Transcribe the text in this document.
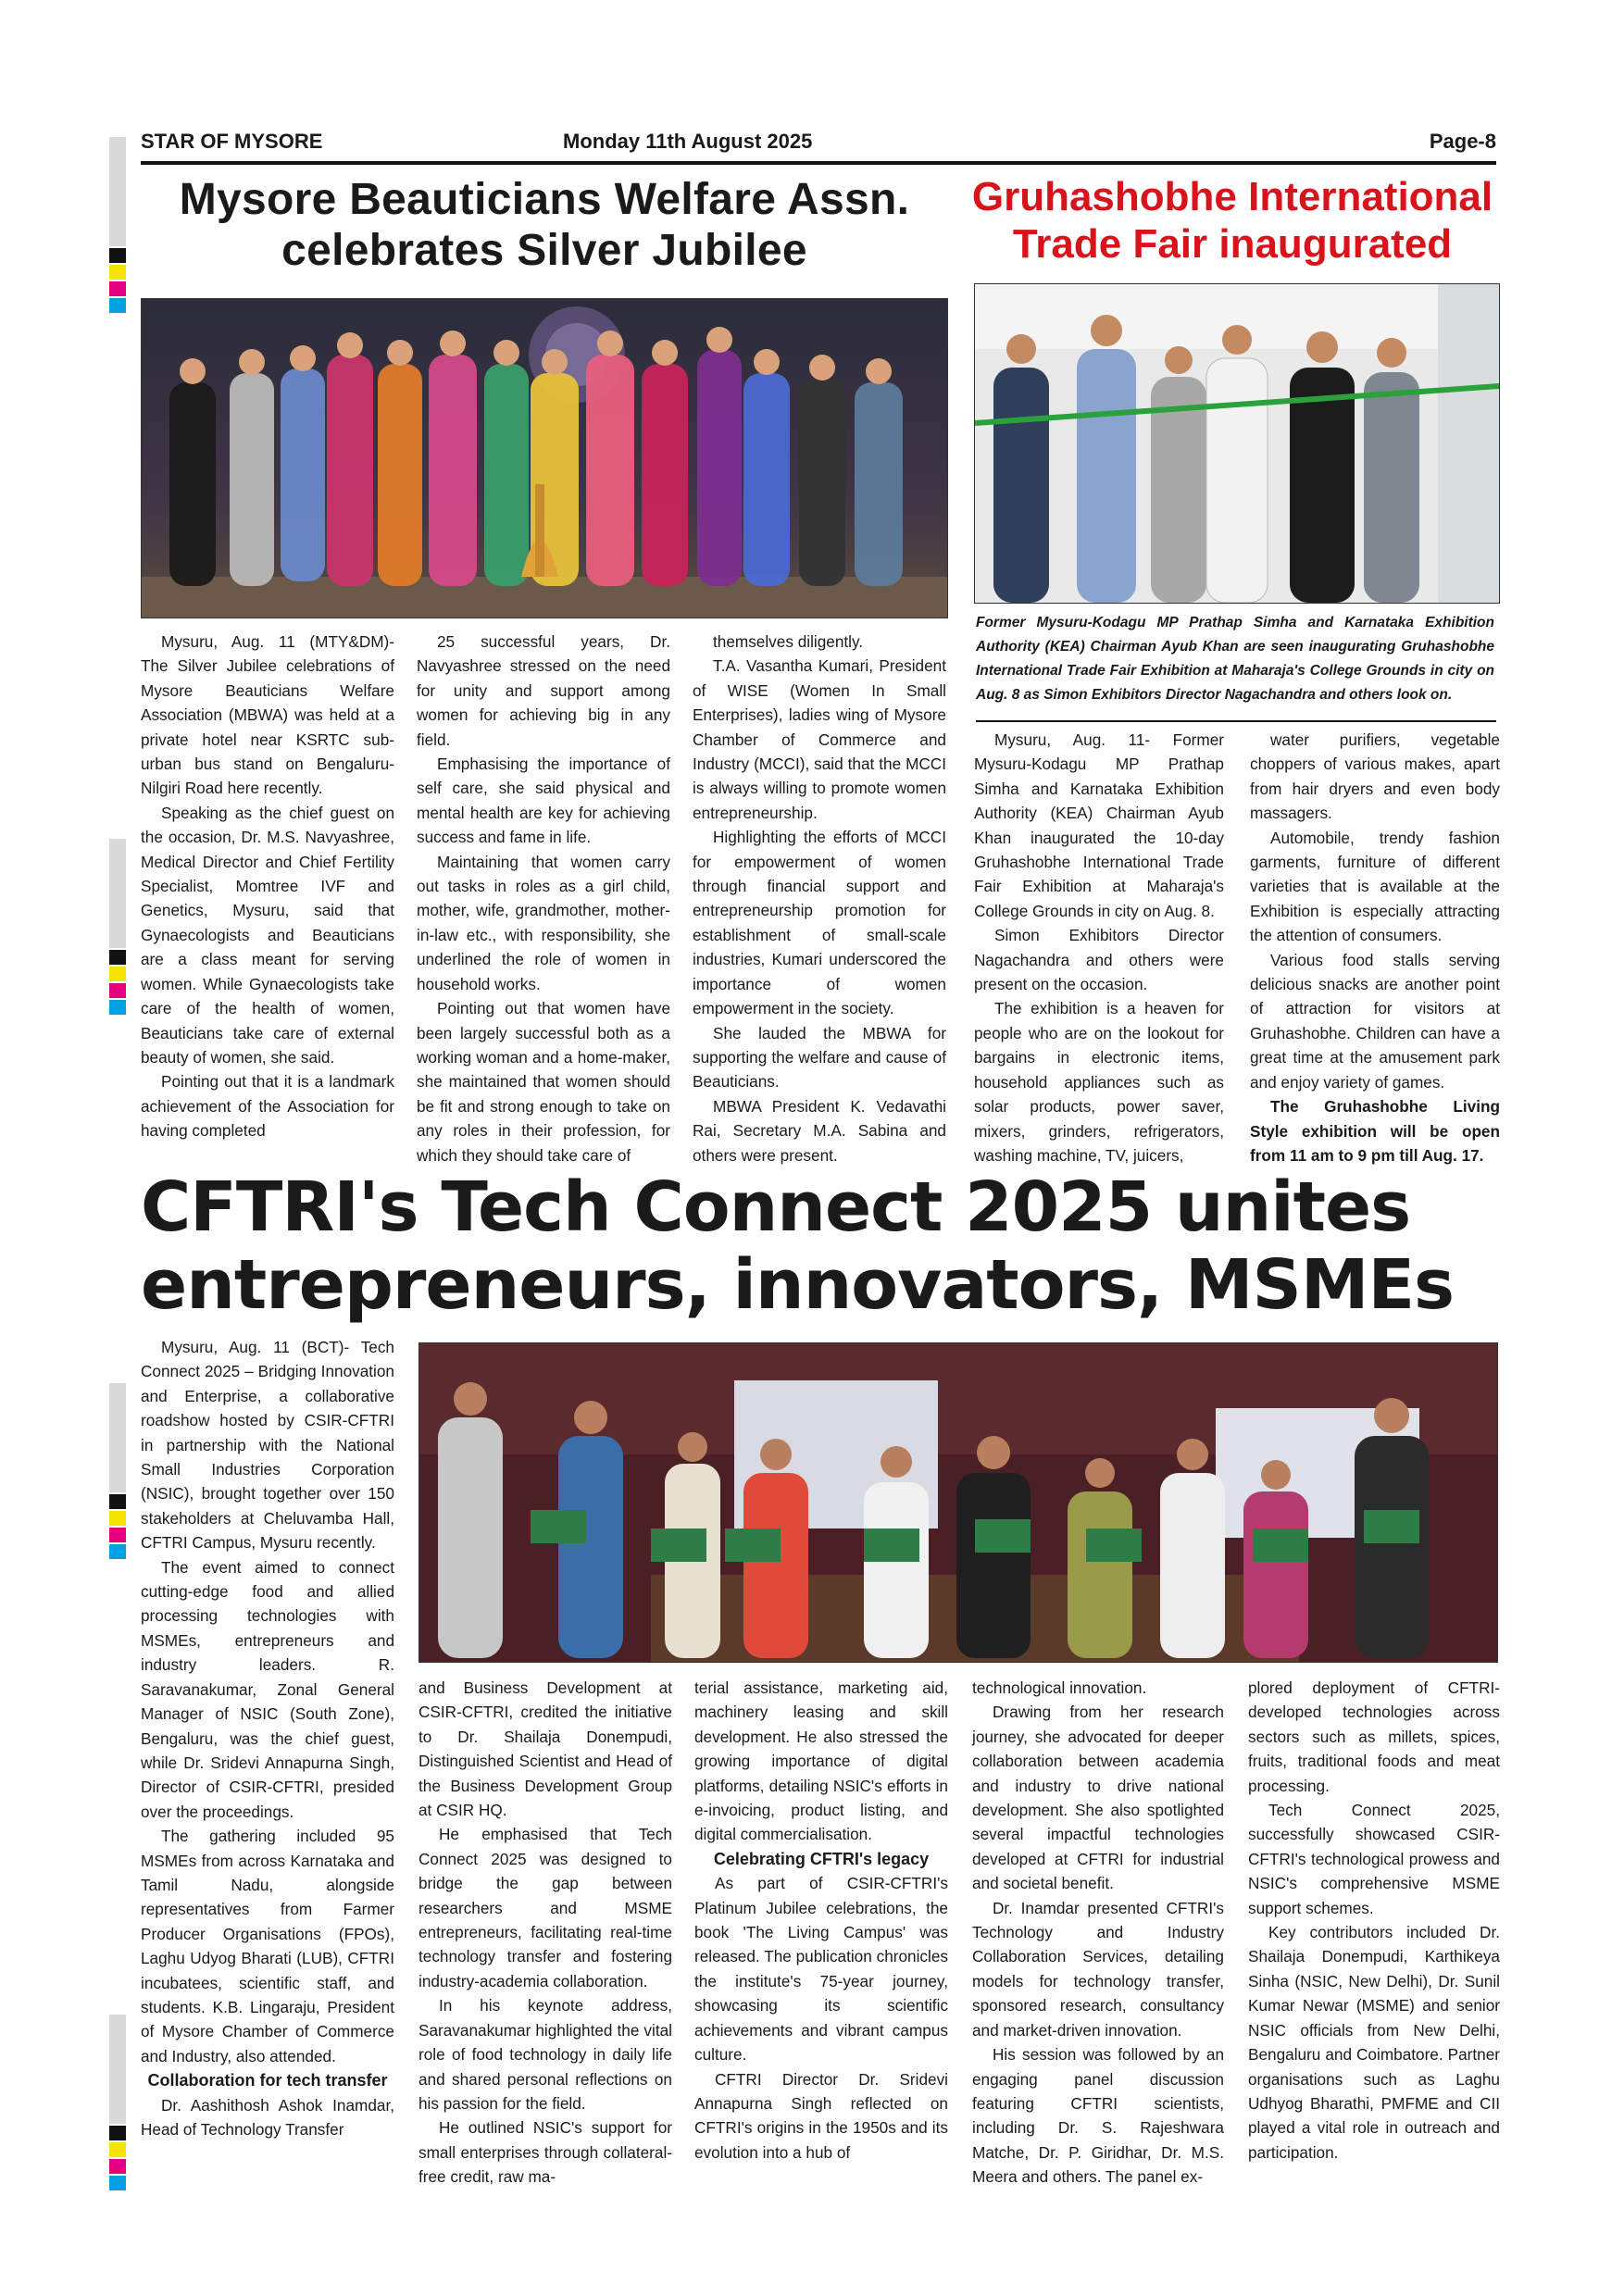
STAR OF MYSORE	Monday 11th August 2025	Page-8
Mysore Beauticians Welfare Assn. celebrates Silver Jubilee

Mysuru, Aug. 11 (MTY&DM)- The Silver Jubilee celebrations of Mysore Beauticians Welfare Association (MBWA) was held at a private hotel near KSRTC sub-urban bus stand on Bengaluru-Nilgiri Road here recently.

Speaking as the chief guest on the occasion, Dr. M.S. Navyashree, Medical Director and Chief Fertility Specialist, Momtree IVF and Genetics, Mysuru, said that Gynaecologists and Beauticians are a class meant for serving women. While Gynaecologists take care of the health of women, Beauticians take care of external beauty of women, she said.

Pointing out that it is a landmark achievement of the Association for having completed

25 successful years, Dr. Navyashree stressed on the need for unity and support among women for achieving big in any field.

Emphasising the importance of self care, she said physical and mental health are key for achieving success and fame in life.

Maintaining that women carry out tasks in roles as a girl child, mother, wife, grandmother, mother-in-law etc., with responsibility, she underlined the role of women in household works.

Pointing out that women have been largely successful both as a working woman and a home-maker, she maintained that women should be fit and strong enough to take on any roles in their profession, for which they should take care of

themselves diligently.

T.A. Vasantha Kumari, President of WISE (Women In Small Enterprises), ladies wing of Mysore Chamber of Commerce and Industry (MCCI), said that the MCCI is always willing to promote women entrepreneurship.

Highlighting the efforts of MCCI for empowerment of women through financial support and entrepreneurship promotion for establishment of small-scale industries, Kumari underscored the importance of women empowerment in the society.

She lauded the MBWA for supporting the welfare and cause of Beauticians.

MBWA President K. Vedavathi Rai, Secretary M.A. Sabina and others were present.

Gruhashobhe International Trade Fair inaugurated
Former Mysuru-Kodagu MP Prathap Simha and Karnataka Exhibition Authority (KEA) Chairman Ayub Khan are seen inaugurating Gruhashobhe International Trade Fair Exhibition at Maharaja's College Grounds in city on Aug. 8 as Simon Exhibitors Director Nagachandra and others look on.

Mysuru, Aug. 11- Former Mysuru-Kodagu MP Prathap Simha and Karnataka Exhibition Authority (KEA) Chairman Ayub Khan inaugurated the 10-day Gruhashobhe International Trade Fair Exhibition at Maharaja's College Grounds in city on Aug. 8.

Simon Exhibitors Director Nagachandra and others were present on the occasion.

The exhibition is a heaven for people who are on the lookout for bargains in electronic items, household appliances such as solar products, power saver, mixers, grinders, refrigerators, washing machine, TV, juicers,

water purifiers, vegetable choppers of various makes, apart from hair dryers and even body massagers.

Automobile, trendy fashion garments, furniture of different varieties that is available at the Exhibition is especially attracting the attention of consumers.

Various food stalls serving delicious snacks are another point of attraction for visitors at Gruhashobhe. Children can have a great time at the amusement park and enjoy variety of games.

The Gruhashobhe Living Style exhibition will be open from 11 am to 9 pm till Aug. 17.

CFTRI's Tech Connect 2025 unites entrepreneurs, innovators, MSMEs

Mysuru, Aug. 11 (BCT)- Tech Connect 2025 – Bridging Innovation and Enterprise, a collaborative roadshow hosted by CSIR-CFTRI in partnership with the National Small Industries Corporation (NSIC), brought together over 150 stakeholders at Cheluvamba Hall, CFTRI Campus, Mysuru recently.

The event aimed to connect cutting-edge food and allied processing technologies with MSMEs, entrepreneurs and industry leaders. R. Saravanakumar, Zonal General Manager of NSIC (South Zone), Bengaluru, was the chief guest, while Dr. Sridevi Annapurna Singh, Director of CSIR-CFTRI, presided over the proceedings.

The gathering included 95 MSMEs from across Karnataka and Tamil Nadu, alongside representatives from Farmer Producer Organisations (FPOs), Laghu Udyog Bharati (LUB), CFTRI incubatees, scientific staff, and students. K.B. Lingaraju, President of Mysore Chamber of Commerce and Industry, also attended.

Collaboration for tech transfer

Dr. Aashithosh Ashok Inamdar, Head of Technology Transfer

and Business Development at CSIR-CFTRI, credited the initiative to Dr. Shailaja Donempudi, Distinguished Scientist and Head of the Business Development Group at CSIR HQ.

He emphasised that Tech Connect 2025 was designed to bridge the gap between researchers and MSME entrepreneurs, facilitating real-time technology transfer and fostering industry-academia collaboration.

In his keynote address, Saravanakumar highlighted the vital role of food technology in daily life and shared personal reflections on his passion for the field.

He outlined NSIC's support for small enterprises through collateral-free credit, raw ma-

terial assistance, marketing aid, machinery leasing and skill development. He also stressed the growing importance of digital platforms, detailing NSIC's efforts in e-invoicing, product listing, and digital commercialisation.

Celebrating CFTRI's legacy

As part of CSIR-CFTRI's Platinum Jubilee celebrations, the book 'The Living Campus' was released. The publication chronicles the institute's 75-year journey, showcasing its scientific achievements and vibrant campus culture.

CFTRI Director Dr. Sridevi Annapurna Singh reflected on CFTRI's origins in the 1950s and its evolution into a hub of

technological innovation.

Drawing from her research journey, she advocated for deeper collaboration between academia and industry to drive national development. She also spotlighted several impactful technologies developed at CFTRI for industrial and societal benefit.

Dr. Inamdar presented CFTRI's Technology and Industry Collaboration Services, detailing models for technology transfer, sponsored research, consultancy and market-driven innovation.

His session was followed by an engaging panel discussion featuring CFTRI scientists, including Dr. S. Rajeshwara Matche, Dr. P. Giridhar, Dr. M.S. Meera and others. The panel ex-

plored deployment of CFTRI-developed technologies across sectors such as millets, spices, fruits, traditional foods and meat processing.

Tech Connect 2025, successfully showcased CSIR-CFTRI's technological prowess and NSIC's comprehensive MSME support schemes.

Key contributors included Dr. Shailaja Donempudi, Karthikeya Sinha (NSIC, New Delhi), Dr. Sunil Kumar Newar (MSME) and senior NSIC officials from New Delhi, Bengaluru and Coimbatore. Partner organisations such as Laghu Udhyog Bharathi, PMFME and CII played a vital role in outreach and participation.
